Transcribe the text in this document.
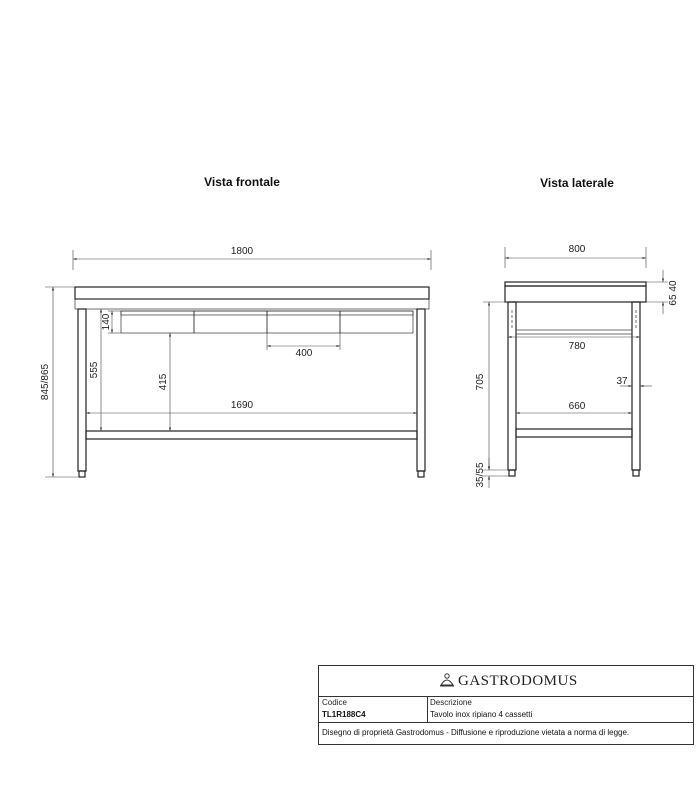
Vista frontale	Vista laterale
1800
845/865
140
555
415
400
1690
800
65
40
780
705	37
660
35/55
GASTRODOMUS
Codice
TL1R188C4
Descrizione
Tavolo inox ripiano 4 cassetti
Disegno di proprietà Gastrodomus - Diffusione e riproduzione vietata a norma di legge.
